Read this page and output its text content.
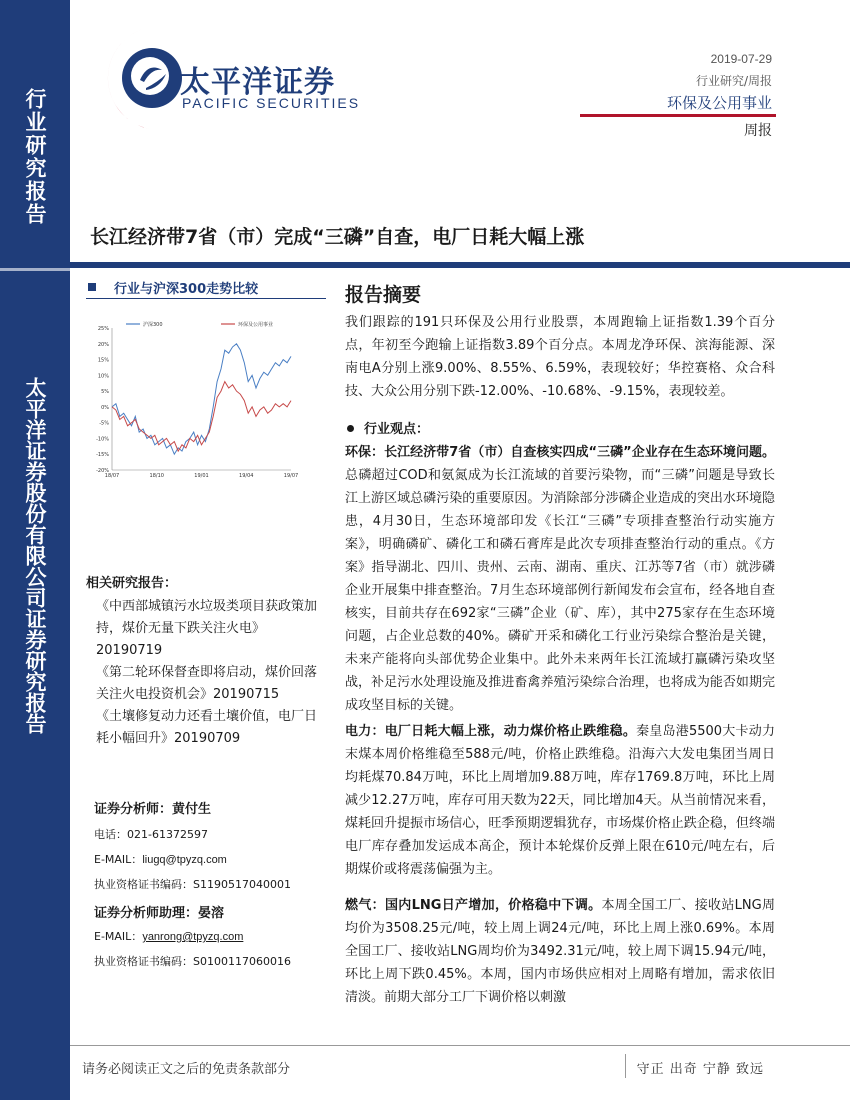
行业研究报告
太平洋证券股份有限公司证券研究报告
太平洋证券
PACIFIC SECURITIES
2019-07-29
行业研究/周报
环保及公用事业
周报
长江经济带7省（市）完成“三磷”自查，电厂日耗大幅上涨
行业与沪深300走势比较
25%
20%
15%
10%
5%
0%
-5%
-10%
-15%
-20%
18/07	18/10	19/01	19/04	19/07
沪深300	环保及公用事业
相关研究报告：

《中西部城镇污水垃圾类项目获政策加持，煤价无量下跌关注火电》20190719

《第二轮环保督查即将启动，煤价回落关注火电投资机会》20190715

《土壤修复动力还看土壤价值，电厂日耗小幅回升》20190709

证券分析师：黄付生
电话：021-61372597
E-MAIL：liugq@tpyzq.com
执业资格证书编码：S1190517040001
证券分析师助理：晏溶
E-MAIL：yanrong@tpyzq.com
执业资格证书编码：S0100117060016
报告摘要
我们跟踪的191只环保及公用行业股票，本周跑输上证指数1.39个百分点，年初至今跑输上证指数3.89个百分点。本周龙净环保、滨海能源、深南电A分别上涨9.00%、8.55%、6.59%，表现较好；华控赛格、众合科技、大众公用分别下跌-12.00%、-10.68%、-9.15%，表现较差。
行业观点：
环保：长江经济带7省（市）自查核实四成“三磷”企业存在生态环境问题。总磷超过COD和氨氮成为长江流域的首要污染物，而“三磷”问题是导致长江上游区域总磷污染的重要原因。为消除部分涉磷企业造成的突出水环境隐患，4月30日，生态环境部印发《长江“三磷”专项排查整治行动实施方案》，明确磷矿、磷化工和磷石膏库是此次专项排查整治行动的重点。《方案》指导湖北、四川、贵州、云南、湖南、重庆、江苏等7省（市）就涉磷企业开展集中排查整治。7月生态环境部例行新闻发布会宣布，经各地自查核实，目前共存在692家“三磷”企业（矿、库），其中275家存在生态环境问题，占企业总数的40%。磷矿开采和磷化工行业污染综合整治是关键，未来产能将向头部优势企业集中。此外未来两年长江流域打赢磷污染攻坚战，补足污水处理设施及推进畜禽养殖污染综合治理，也将成为能否如期完成攻坚目标的关键。
电力：电厂日耗大幅上涨，动力煤价格止跌维稳。秦皇岛港5500大卡动力末煤本周价格维稳至588元/吨，价格止跌维稳。沿海六大发电集团当周日均耗煤70.84万吨，环比上周增加9.88万吨，库存1769.8万吨，环比上周减少12.27万吨，库存可用天数为22天，同比增加4天。从当前情况来看，煤耗回升提振市场信心，旺季预期逻辑犹存，市场煤价格止跌企稳，但终端电厂库存叠加发运成本高企，预计本轮煤价反弹上限在610元/吨左右，后期煤价或将震荡偏强为主。
燃气：国内LNG日产增加，价格稳中下调。本周全国工厂、接收站LNG周均价为3508.25元/吨，较上周上调24元/吨，环比上周上涨0.69%。本周全国工厂、接收站LNG周均价为3492.31元/吨，较上周下调15.94元/吨，环比上周下跌0.45%。本周，国内市场供应相对上周略有增加，需求依旧清淡。前期大部分工厂下调价格以刺激
请务必阅读正文之后的免责条款部分	守正 出奇 宁静 致远
